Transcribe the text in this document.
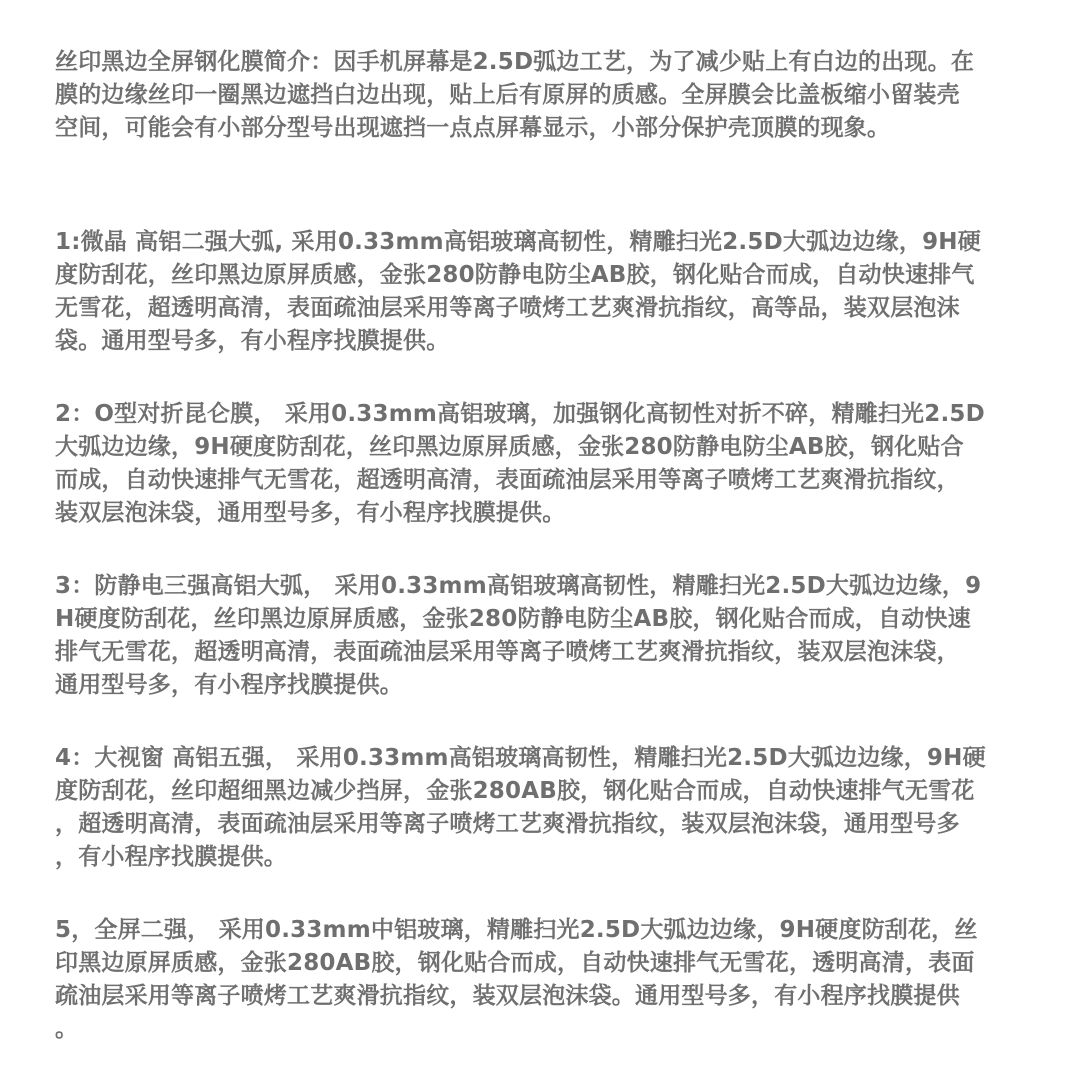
丝印黑边全屏钢化膜简介：因手机屏幕是2.5D弧边工艺，为了减少贴上有白边的出现。在
膜的边缘丝印一圈黑边遮挡白边出现，贴上后有原屏的质感。全屏膜会比盖板缩小留装壳
空间，可能会有小部分型号出现遮挡一点点屏幕显示，小部分保护壳顶膜的现象。

1:微晶 高铝二强大弧, 采用0.33mm高铝玻璃高韧性，精雕扫光2.5D大弧边边缘，9H硬
度防刮花，丝印黑边原屏质感，金张280防静电防尘AB胶，钢化贴合而成，自动快速排气
无雪花，超透明高清，表面疏油层采用等离子喷烤工艺爽滑抗指纹，高等品，装双层泡沫
袋。通用型号多，有小程序找膜提供。

2：O型对折昆仑膜， 采用0.33mm高铝玻璃，加强钢化高韧性对折不碎，精雕扫光2.5D
大弧边边缘，9H硬度防刮花，丝印黑边原屏质感，金张280防静电防尘AB胶，钢化贴合
而成，自动快速排气无雪花，超透明高清，表面疏油层采用等离子喷烤工艺爽滑抗指纹，
装双层泡沫袋，通用型号多，有小程序找膜提供。

3：防静电三强高铝大弧， 采用0.33mm高铝玻璃高韧性，精雕扫光2.5D大弧边边缘，9
H硬度防刮花，丝印黑边原屏质感，金张280防静电防尘AB胶，钢化贴合而成，自动快速
排气无雪花，超透明高清，表面疏油层采用等离子喷烤工艺爽滑抗指纹，装双层泡沫袋，
通用型号多，有小程序找膜提供。

4：大视窗 高铝五强， 采用0.33mm高铝玻璃高韧性，精雕扫光2.5D大弧边边缘，9H硬
度防刮花，丝印超细黑边减少挡屏，金张280AB胶，钢化贴合而成，自动快速排气无雪花
，超透明高清，表面疏油层采用等离子喷烤工艺爽滑抗指纹，装双层泡沫袋，通用型号多
，有小程序找膜提供。

5，全屏二强， 采用0.33mm中铝玻璃，精雕扫光2.5D大弧边边缘，9H硬度防刮花，丝
印黑边原屏质感，金张280AB胶，钢化贴合而成，自动快速排气无雪花，透明高清，表面
疏油层采用等离子喷烤工艺爽滑抗指纹，装双层泡沫袋。通用型号多，有小程序找膜提供
。
